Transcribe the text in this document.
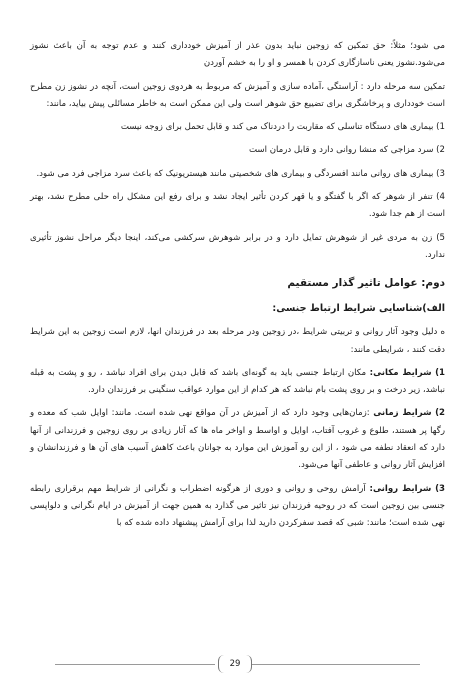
می شود؛ مثلاً: حق تمکین که زوجین نباید بدون عذر از آمیزش خودداری کنند و عدم توجه به آن باعث نشوز می‌شود.نشوز یعنی ناسازگاری کردن با همسر و او را به خشم آوردن

تمکین سه مرحله دارد : آراستگی ،آماده سازی و آمیزش که مربوط به هردوی زوجین است، آنچه در نشوز زن مطرح است خودداری و پرخاشگری برای تضییع حق شوهر است ولی این ممکن است به خاطر مسائلی پیش بیاید، مانند:

1) بیماری های دستگاه تناسلی که مقاربت را دردناک می کند و قابل تحمل برای زوجه نیست

2) سرد مزاجی که منشا روانی دارد و قابل درمان است

3) بیماری های روانی مانند افسردگی و بیماری های شخصیتی مانند هیستریونیک که باعث سرد مزاجی فرد می شود.

4) تنفر از شوهر که اگر با گفتگو و یا قهر کردن تأثیر ایجاد نشد و برای رفع این مشکل راه حلی مطرح نشد، بهتر است از هم جدا شود.

5) زن به مردی غیر از شوهرش تمایل دارد و در برابر شوهرش سرکشی می‌کند، اینجا دیگر مراحل نشوز تأثیری ندارد.

دوم: عوامل تاثیر گذار مستقیم
الف)شناسایی شرایط ارتباط جنسی:

ه دلیل وجود آثار روانی و تربیتی شرایط ،در زوجین ودر مرحله بعد در فرزندان انها، لازم است زوجین به این شرایط دقت کنند ، شرایطی مانند:

1) شرایط مکانی: مکان ارتباط جنسی باید به گونه‌ای باشد که قابل دیدن برای افراد نباشد ، رو و پشت به قبله نباشد، زیر درخت و بر روی پشت بام نباشد که هر کدام از این موارد عواقب سنگینی بر فرزندان دارد.

2) شرایط زمانی :زمان‌هایی وجود دارد که از آمیزش در آن مواقع نهی شده است. مانند: اوایل شب که معده و رگها پر هستند، طلوع و غروب آفتاب، اوایل و اواسط و اواخر ماه ها که آثار زیادی بر روی زوجین و فرزندانی از آنها دارد که انعقاد نطفه می شود ، از این رو آموزش این موارد به جوانان باعث کاهش آسیب های آن ها و فرزندانشان و افزایش آثار روانی و عاطفی آنها می‌شود.

3) شرایط روانی: آرامش روحی و روانی و دوری از هرگونه اضطراب و نگرانی از شرایط مهم برقراری رابطه جنسی بین زوجین است که در روحیه فرزندان نیز تاثیر می گذارد به همین جهت از آمیزش در ایام نگرانی و دلواپسی نهی شده است؛ مانند: شبی که قصد سفرکردن دارید لذا برای آرامش پیشنهاد داده شده که با

29
